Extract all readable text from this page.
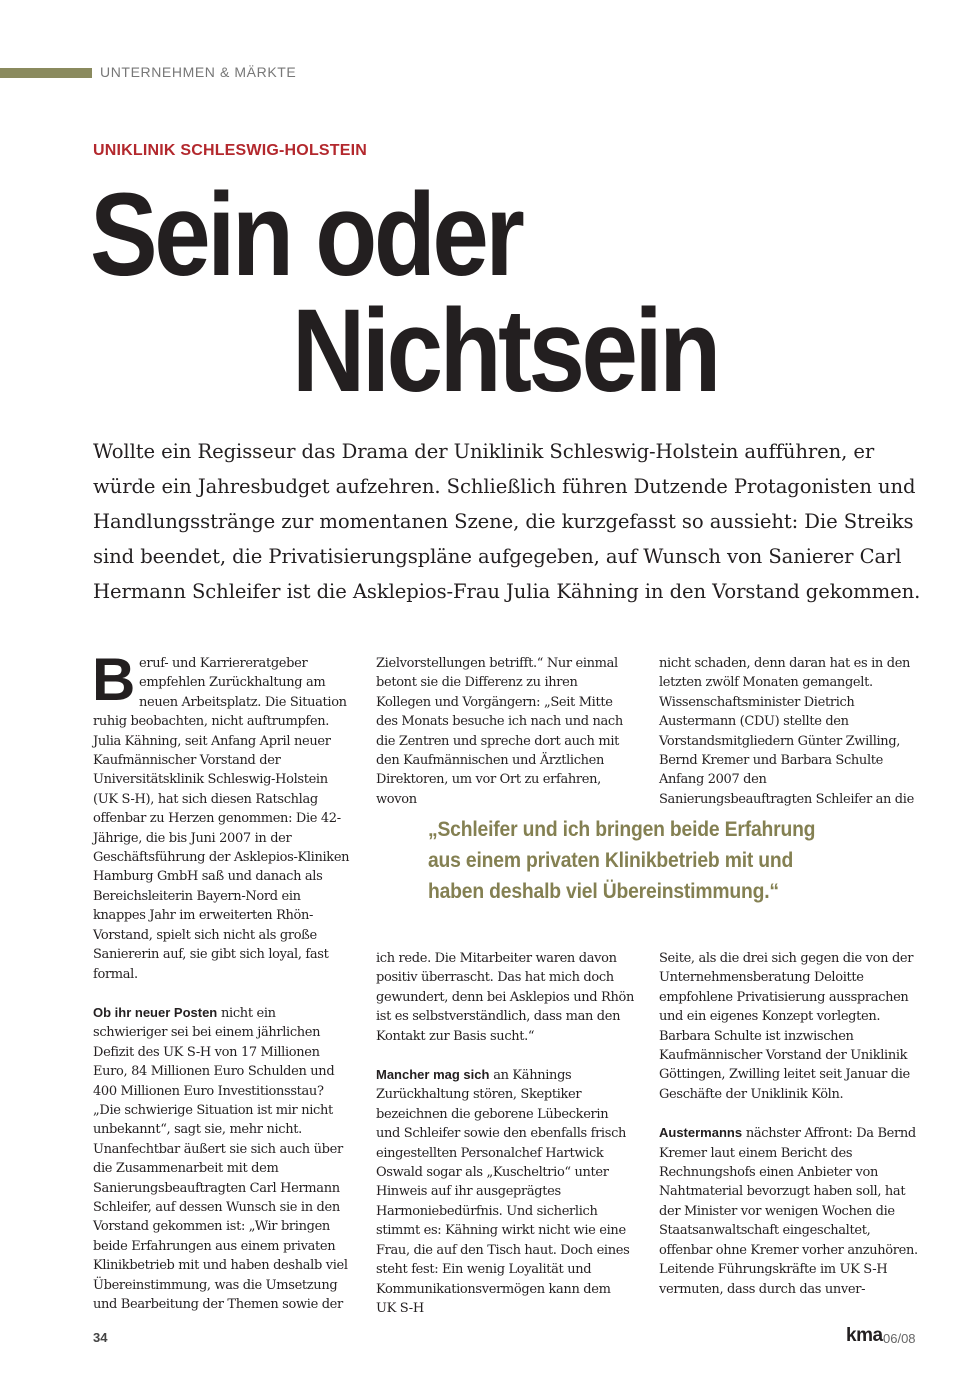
UNTERNEHMEN & MÄRKTE
UNIKLINIK SCHLESWIG-HOLSTEIN
Sein oder
Nichtsein
Wollte ein Regisseur das Drama der Uniklinik Schleswig-Holstein aufführen, er würde ein Jahresbudget aufzehren. Schließlich führen Dutzende Protagonisten und Handlungsstränge zur momentanen Szene, die kurzgefasst so aussieht: Die Streiks sind beendet, die Privatisierungspläne aufgegeben, auf Wunsch von Sanierer Carl Hermann Schleifer ist die Asklepios-Frau Julia Kähning in den Vorstand gekommen.

Beruf- und Karriereratgeber empfehlen Zurückhaltung am neuen Arbeitsplatz. Die Situation ruhig beobachten, nicht auftrumpfen. Julia Kähning, seit Anfang April neuer Kaufmännischer Vorstand der Universitätsklinik Schleswig-Holstein (UK S-H), hat sich diesen Ratschlag offenbar zu Herzen genommen: Die 42-Jährige, die bis Juni 2007 in der Geschäftsführung der Asklepios-Kliniken Hamburg GmbH saß und danach als Bereichsleiterin Bayern-Nord ein knappes Jahr im erweiterten Rhön-Vorstand, spielt sich nicht als große Saniererin auf, sie gibt sich loyal, fast formal.

Ob ihr neuer Posten nicht ein schwieriger sei bei einem jährlichen Defizit des UK S-H von 17 Millionen Euro, 84 Millionen Euro Schulden und 400 Millionen Euro Investitionsstau? „Die schwierige Situation ist mir nicht unbekannt“, sagt sie, mehr nicht. Unanfechtbar äußert sie sich auch über die Zusammenarbeit mit dem Sanierungsbeauftragten Carl Hermann Schleifer, auf dessen Wunsch sie in den Vorstand gekommen ist: „Wir bringen beide Erfahrungen aus einem privaten Klinikbetrieb mit und haben deshalb viel Übereinstimmung, was die Umsetzung und Bearbeitung der Themen sowie der

Zielvorstellungen betrifft.“ Nur einmal betont sie die Differenz zu ihren Kollegen und Vorgängern: „Seit Mitte des Monats besuche ich nach und nach die Zentren und spreche dort auch mit den Kaufmännischen und Ärztlichen Direktoren, um vor Ort zu erfahren, wovon

nicht schaden, denn daran hat es in den letzten zwölf Monaten gemangelt. Wissenschaftsminister Dietrich Austermann (CDU) stellte den Vorstandsmitgliedern Günter Zwilling, Bernd Kremer und Barbara Schulte Anfang 2007 den Sanierungsbeauftragten Schleifer an die

„Schleifer und ich bringen beide Erfahrung aus einem privaten Klinikbetrieb mit und haben deshalb viel Übereinstimmung.“

ich rede. Die Mitarbeiter waren davon positiv überrascht. Das hat mich doch gewundert, denn bei Asklepios und Rhön ist es selbstverständlich, dass man den Kontakt zur Basis sucht.“

Mancher mag sich an Kähnings Zurückhaltung stören, Skeptiker bezeichnen die geborene Lübeckerin und Schleifer sowie den ebenfalls frisch eingestellten Personalchef Hartwick Oswald sogar als „Kuscheltrio“ unter Hinweis auf ihr ausgeprägtes Harmoniebedürfnis. Und sicherlich stimmt es: Kähning wirkt nicht wie eine Frau, die auf den Tisch haut. Doch eines steht fest: Ein wenig Loyalität und Kommunikationsvermögen kann dem UK S-H

Seite, als die drei sich gegen die von der Unternehmensberatung Deloitte empfohlene Privatisierung aussprachen und ein eigenes Konzept vorlegten. Barbara Schulte ist inzwischen Kaufmännischer Vorstand der Uniklinik Göttingen, Zwilling leitet seit Januar die Geschäfte der Uniklinik Köln.

Austermanns nächster Affront: Da Bernd Kremer laut einem Bericht des Rechnungshofs einen Anbieter von Nahtmaterial bevorzugt haben soll, hat der Minister vor wenigen Wochen die Staatsanwaltschaft eingeschaltet, offenbar ohne Kremer vorher anzuhören. Leitende Führungskräfte im UK S-H vermuten, dass durch das unver-

34	kma 06/08
